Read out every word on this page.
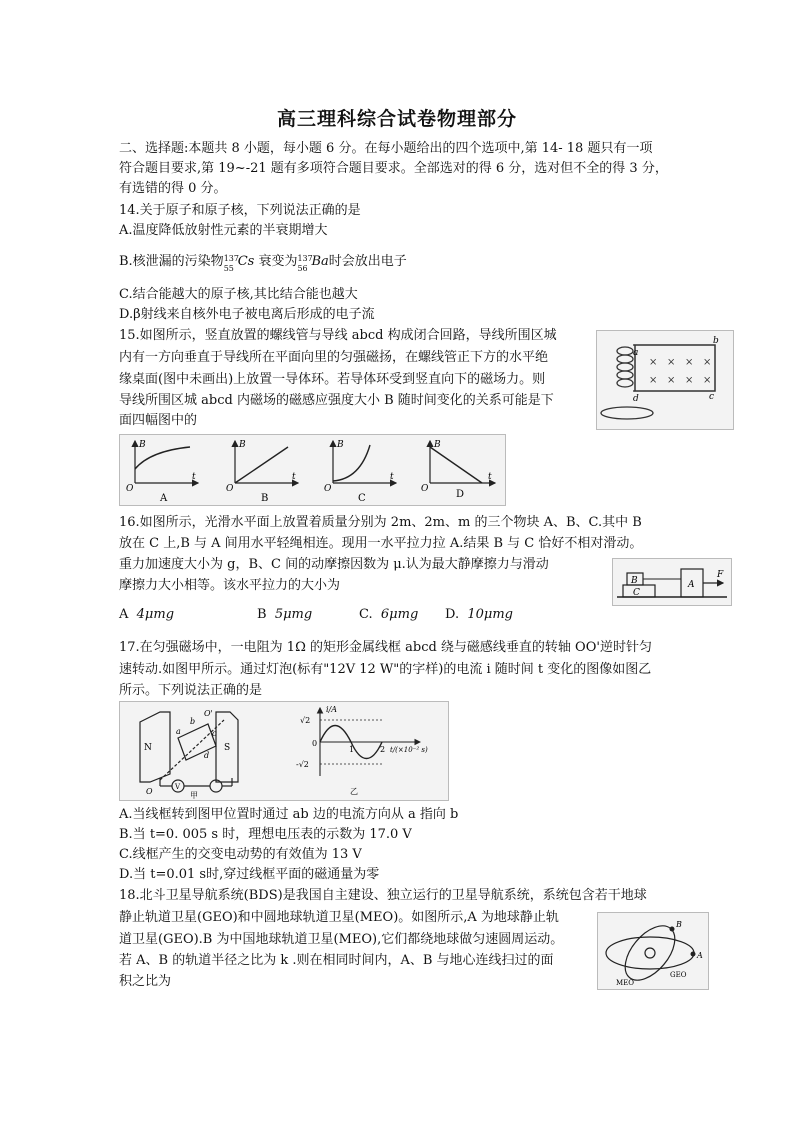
高三理科综合试卷物理部分
二、选择题:本题共 8 小题，每小题 6 分。在每小题给出的四个选项中,第 14- 18 题只有一项
符合题目要求,第 19~-21 题有多项符合题目要求。全部选对的得 6 分，选对但不全的得 3 分，
有选错的得 0 分。
14.关于原子和原子核，下列说法正确的是
A.温度降低放射性元素的半衰期增大
B.核泄漏的污染物 137
55 Cs 衰变为 137
56 Ba时会放出电子
C.结合能越大的原子核,其比结合能也越大
D.β射线来自核外电子被电离后形成的电子流
15.如图所示，竖直放置的螺线管与导线 abcd 构成闭合回路，导线所围区城
内有一方向垂直于导线所在平面向里的匀强磁扬，在螺线管正下方的水平绝
缘桌面(图中未画出)上放置一导体环。若导体环受到竖直向下的磁场力。则
导线所围区城 abcd 内磁场的磁感应强度大小 B 随时间变化的关系可能是下
面四幅图中的
a
b
c
d
× × × ×
× × × ×
B
t
O
A
B
t
O
B
B
t
O
C
B
t
O	D
16.如图所示，光滑水平面上放置着质量分别为 2m、2m、m 的三个物块 A、B、C.其中 B
放在 C 上,B 与 A 间用水平轻绳相连。现用一水平拉力拉 A.结果 B 与 C 恰好不相对滑动。
重力加速度大小为 g，B、C 间的动摩擦因数为 μ.认为最大静摩擦力与滑动
摩擦力大小相等。该水平拉力的大小为	B
C
A
F
A 4μmg	B 5μmg	C. 6μmg D. 10μmg
17.在匀强磁场中，一电阻为 1Ω 的矩形金属线框 abcd 绕与磁感线垂直的转轴 OO'逆时针匀
速转动.如图甲所示。通过灯泡(标有"12V 12 W"的字样)的电流 i 随时间 t 变化的图像如图乙
所示。下列说法正确的是
N	S
O'
O
a
b
c
d
V
甲
i/A
√2
-√2
0
1	2 t/(×10⁻² s)
乙
A.当线框转到图甲位置时通过 ab 边的电流方向从 a 指向 b
B.当 t=0. 005 s 时，理想电压表的示数为 17.0 V
C.线框产生的交变电动势的有效值为 13 V
D.当 t=0.01 s时,穿过线框平面的磁通量为零
18.北斗卫星导航系统(BDS)是我国自主建设、独立运行的卫星导航系统，系统包含若干地球
静止轨道卫星(GEO)和中圆地球轨道卫星(MEO)。如图所示,A 为地球静止轨
道卫星(GEO).B 为中国地球轨道卫星(MEO),它们都绕地球做匀速圆周运动。
若 A、B 的轨道半径之比为 k .则在相同时间内，A、B 与地心连线扫过的面
积之比为
A
B
GEO
MEO
